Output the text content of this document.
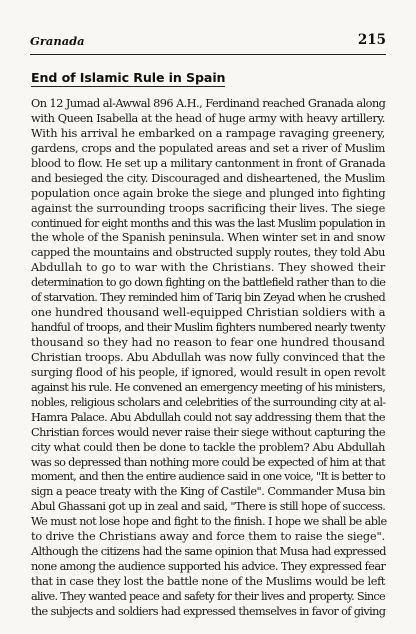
Granada	215
End of Islamic Rule in Spain
On 12 Jumad al-Awwal 896 A.H., Ferdinand reached Granada along
with Queen Isabella at the head of huge army with heavy artillery.
With his arrival he embarked on a rampage ravaging greenery,
gardens, crops and the populated areas and set a river of Muslim
blood to flow. He set up a military cantonment in front of Granada
and besieged the city. Discouraged and disheartened, the Muslim
population once again broke the siege and plunged into fighting
against the surrounding troops sacrificing their lives. The siege
continued for eight months and this was the last Muslim population in
the whole of the Spanish peninsula. When winter set in and snow
capped the mountains and obstructed supply routes, they told Abu
Abdullah to go to war with the Christians. They showed their
determination to go down fighting on the battlefield rather than to die
of starvation. They reminded him of Tariq bin Zeyad when he crushed
one hundred thousand well-equipped Christian soldiers with a
handful of troops, and their Muslim fighters numbered nearly twenty
thousand so they had no reason to fear one hundred thousand
Christian troops. Abu Abdullah was now fully convinced that the
surging flood of his people, if ignored, would result in open revolt
against his rule. He convened an emergency meeting of his ministers,
nobles, religious scholars and celebrities of the surrounding city at al-
Hamra Palace. Abu Abdullah could not say addressing them that the
Christian forces would never raise their siege without capturing the
city what could then be done to tackle the problem? Abu Abdullah
was so depressed than nothing more could be expected of him at that
moment, and then the entire audience said in one voice, "It is better to
sign a peace treaty with the King of Castile". Commander Musa bin
Abul Ghassani got up in zeal and said, "There is still hope of success.
We must not lose hope and fight to the finish. I hope we shall be able
to drive the Christians away and force them to raise the siege".
Although the citizens had the same opinion that Musa had expressed
none among the audience supported his advice. They expressed fear
that in case they lost the battle none of the Muslims would be left
alive. They wanted peace and safety for their lives and property. Since
the subjects and soldiers had expressed themselves in favor of giving
